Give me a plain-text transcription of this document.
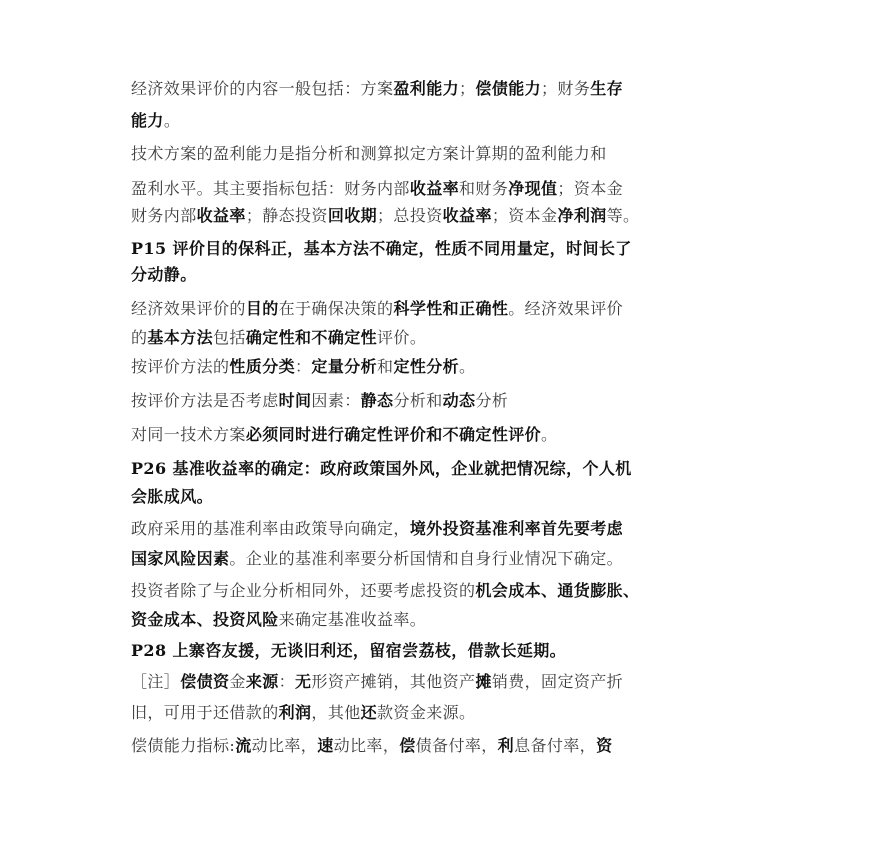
经济效果评价的内容一般包括：方案盈利能力；偿债能力；财务生存

能力。

技术方案的盈利能力是指分析和测算拟定方案计算期的盈利能力和

盈利水平。其主要指标包括：财务内部收益率和财务净现值；资本金

财务内部收益率；静态投资回收期；总投资收益率；资本金净利润等。

P15 评价目的保科正，基本方法不确定，性质不同用量定，时间长了

分动静。

经济效果评价的目的在于确保决策的科学性和正确性。经济效果评价

的基本方法包括确定性和不确定性评价。

按评价方法的性质分类：定量分析和定性分析。

按评价方法是否考虑时间因素：静态分析和动态分析

对同一技术方案必须同时进行确定性评价和不确定性评价。

P26 基准收益率的确定：政府政策国外风，企业就把情况综，个人机

会胀成风。

政府采用的基准利率由政策导向确定，境外投资基准利率首先要考虑

国家风险因素。企业的基准利率要分析国情和自身行业情况下确定。

投资者除了与企业分析相同外，还要考虑投资的机会成本、通货膨胀、

资金成本、投资风险来确定基准收益率。

P28 上寨咨友援，无谈旧利还，留宿尝荔枝，借款长延期。

［注］偿债资金来源：无形资产摊销，其他资产摊销费，固定资产折

旧，可用于还借款的利润，其他还款资金来源。

偿债能力指标:流动比率，速动比率，偿债备付率，利息备付率，资
